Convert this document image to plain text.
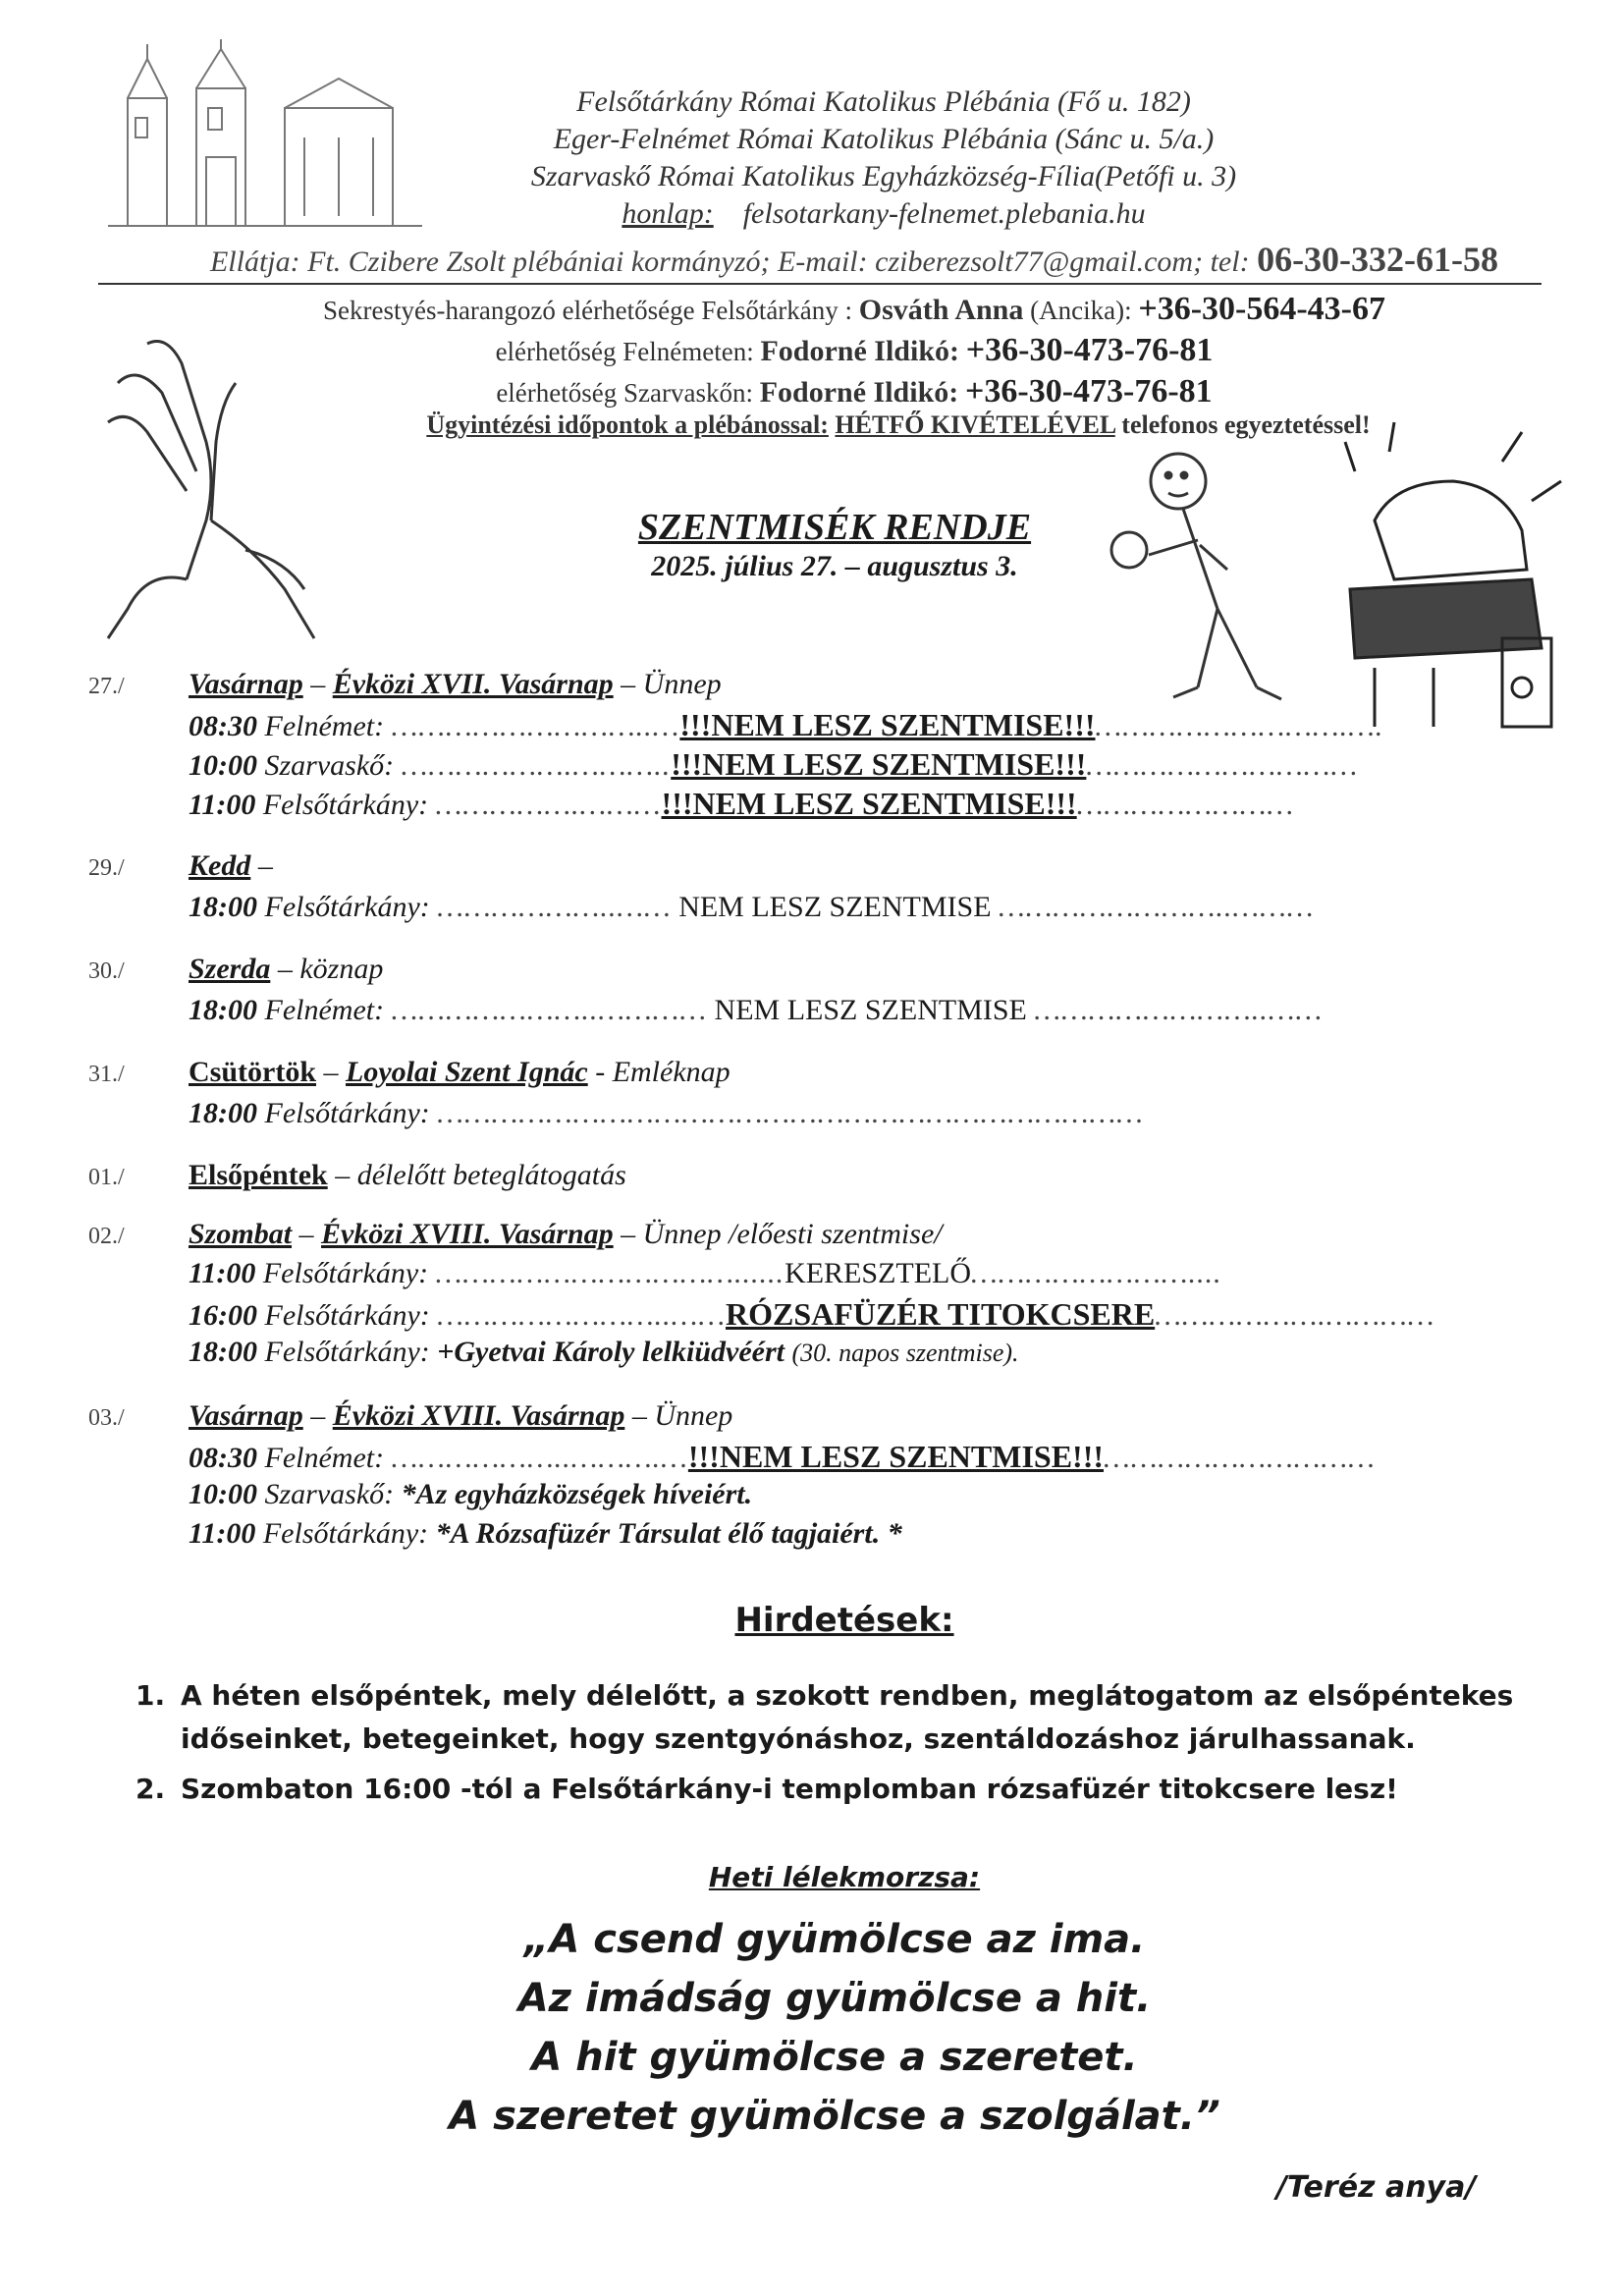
Felsőtárkány Római Katolikus Plébánia (Fő u. 182)
Eger-Felnémet Római Katolikus Plébánia (Sánc u. 5/a.)
Szarvaskő Római Katolikus Egyházközség-Fília(Petőfi u. 3)
honlap: felsotarkany-felnemet.plebania.hu
Ellátja: Ft. Czibere Zsolt plébániai kormányzó; E-mail: cziberezsolt77@gmail.com; tel: 06-30-332-61-58
Sekrestyés-harangozó elérhetősége Felsőtárkány : Osváth Anna (Ancika): +36-30-564-43-67
elérhetőség Felnémeten: Fodorné Ildikó: +36-30-473-76-81
elérhetőség Szarvaskőn: Fodorné Ildikó: +36-30-473-76-81
Ügyintézési időpontok a plébánossal: HÉTFŐ KIVÉTELÉVEL telefonos egyeztetéssel!
SZENTMISÉK RENDJE
2025. július 27. – augusztus 3.
27./ Vasárnap – Évközi XVII. Vasárnap – Ünnep
08:30 Felnémet: ………………………..…!!!NEM LESZ SZENTMISE!!!……………………….….
10:00 Szarvaskő: ……………….………..!!!NEM LESZ SZENTMISE!!!…………………………
11:00 Felsőtárkány: …………….………!!!NEM LESZ SZENTMISE!!!……………………
29./ Kedd –
18:00 Felsőtárkány: ………………..…… NEM LESZ SZENTMISE ……………………..………
30./ Szerda – köznap
18:00 Felnémet: …………………..………… NEM LESZ SZENTMISE ……………………..……
31./ Csütörtök – Loyolai Szent Ignác - Emléknap
18:00 Felsőtárkány: ……………………………………………………………………
01./ Elsőpéntek – délelőtt beteglátogatás
02./ Szombat – Évközi XVIII. Vasárnap – Ünnep /előesti szentmise/
11:00 Felsőtárkány: ……………………………......KERESZTELŐ……………………....
16:00 Felsőtárkány: ……………………..……RÓZSAFÜZÉR TITOKCSERE……………….…………
18:00 Felsőtárkány: +Gyetvai Károly lelkiüdvéért (30. napos szentmise).
03./ Vasárnap – Évközi XVIII. Vasárnap – Ünnep
08:30 Felnémet: ………………..……….…!!!NEM LESZ SZENTMISE!!!…………………………
10:00 Szarvaskő: *Az egyházközségek híveiért.
11:00 Felsőtárkány: *A Rózsafüzér Társulat élő tagjaiért. *
Hirdetések:
1. A héten elsőpéntek, mely délelőtt, a szokott rendben, meglátogatom az elsőpéntekes időseinket, betegeinket, hogy szentgyónáshoz, szentáldozáshoz járulhassanak.
2. Szombaton 16:00 -tól a Felsőtárkány-i templomban rózsafüzér titokcsere lesz!
Heti lélekmorzsa:
„A csend gyümölcse az ima.
Az imádság gyümölcse a hit.
A hit gyümölcse a szeretet.
A szeretet gyümölcse a szolgálat.”
/Teréz anya/
